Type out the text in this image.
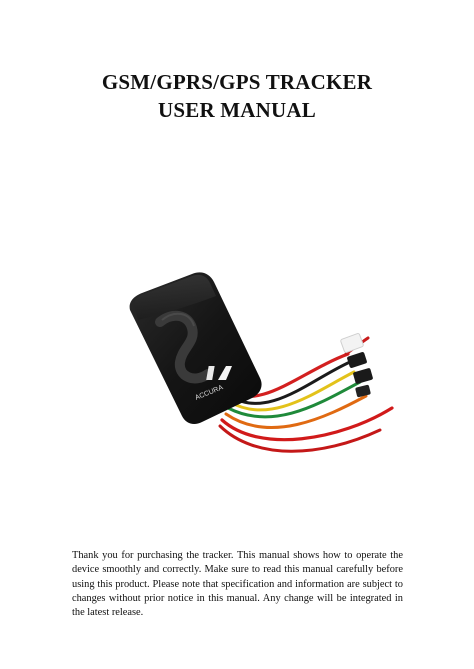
GSM/GPRS/GPS TRACKER
USER MANUAL
ACCURA

Thank you for purchasing the tracker. This manual shows how to operate the device smoothly and correctly. Make sure to read this manual carefully before using this product. Please note that specification and information are subject to changes without prior notice in this manual. Any change will be integrated in the latest release.
